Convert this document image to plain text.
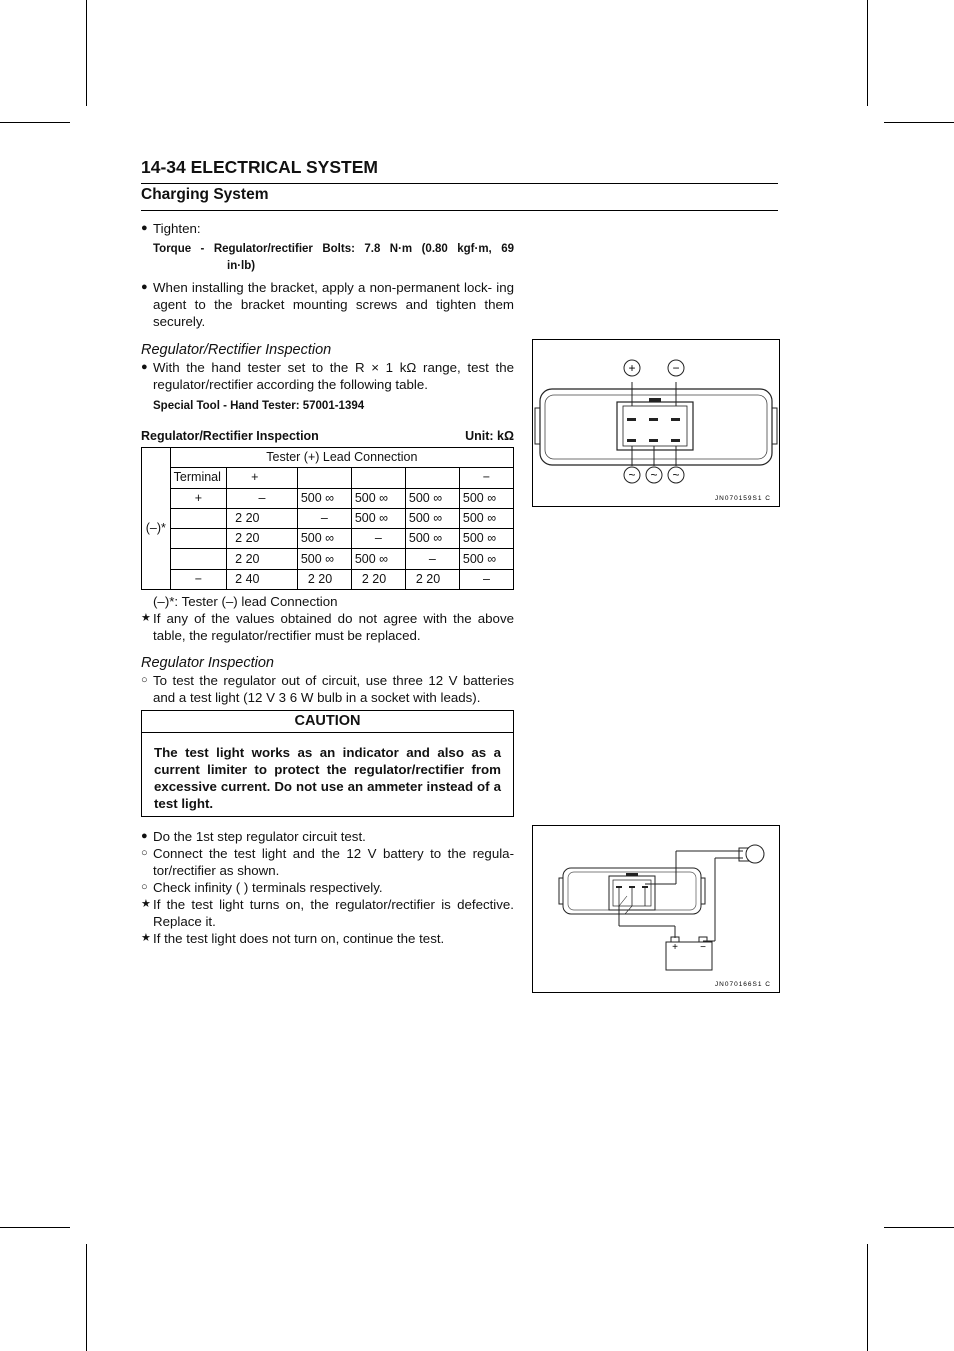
14-34 ELECTRICAL SYSTEM
Charging System
● Tighten:
Torque - Regulator/rectifier Bolts: 7.8 N·m (0.80 kgf·m, 69
in·lb)
● When installing the bracket, apply a non-permanent lock- ing agent to the bracket mounting screws and tighten them securely.
Regulator/Rectifier Inspection
● With the hand tester set to the R × 1 kΩ range, test the regulator/rectifier according the following table.
Special Tool - Hand Tester: 57001-1394
Regulator/Rectifier Inspection	Unit: kΩ
	Tester (+) Lead Connection					
(–)*	Terminal	+				−
	+	–	500 ∞	500 ∞	500 ∞	500 ∞
		2 20	–	500 ∞	500 ∞	500 ∞
		2 20	500 ∞	–	500 ∞	500 ∞
		2 20	500 ∞	500 ∞	–	500 ∞
	−	2 40	2 20	2 20	2 20	–
(–)*: Tester (–) lead Connection
★ If any of the values obtained do not agree with the above table, the regulator/rectifier must be replaced.
Regulator Inspection
○ To test the regulator out of circuit, use three 12 V batteries and a test light (12 V 3 6 W bulb in a socket with leads).
CAUTION
The test light works as an indicator and also as a current limiter to protect the regulator/rectifier from excessive current. Do not use an ammeter instead of a test light.
● Do the 1st step regulator circuit test.
○ Connect the test light and the 12 V battery to the regula- tor/rectifier as shown.
○ Check infinity ( ) terminals respectively.
★ If the test light turns on, the regulator/rectifier is defective. Replace it.
★ If the test light does not turn on, continue the test.
+	−
~ ~ ~
JN070159S1 C
+ −
JN070166S1 C
